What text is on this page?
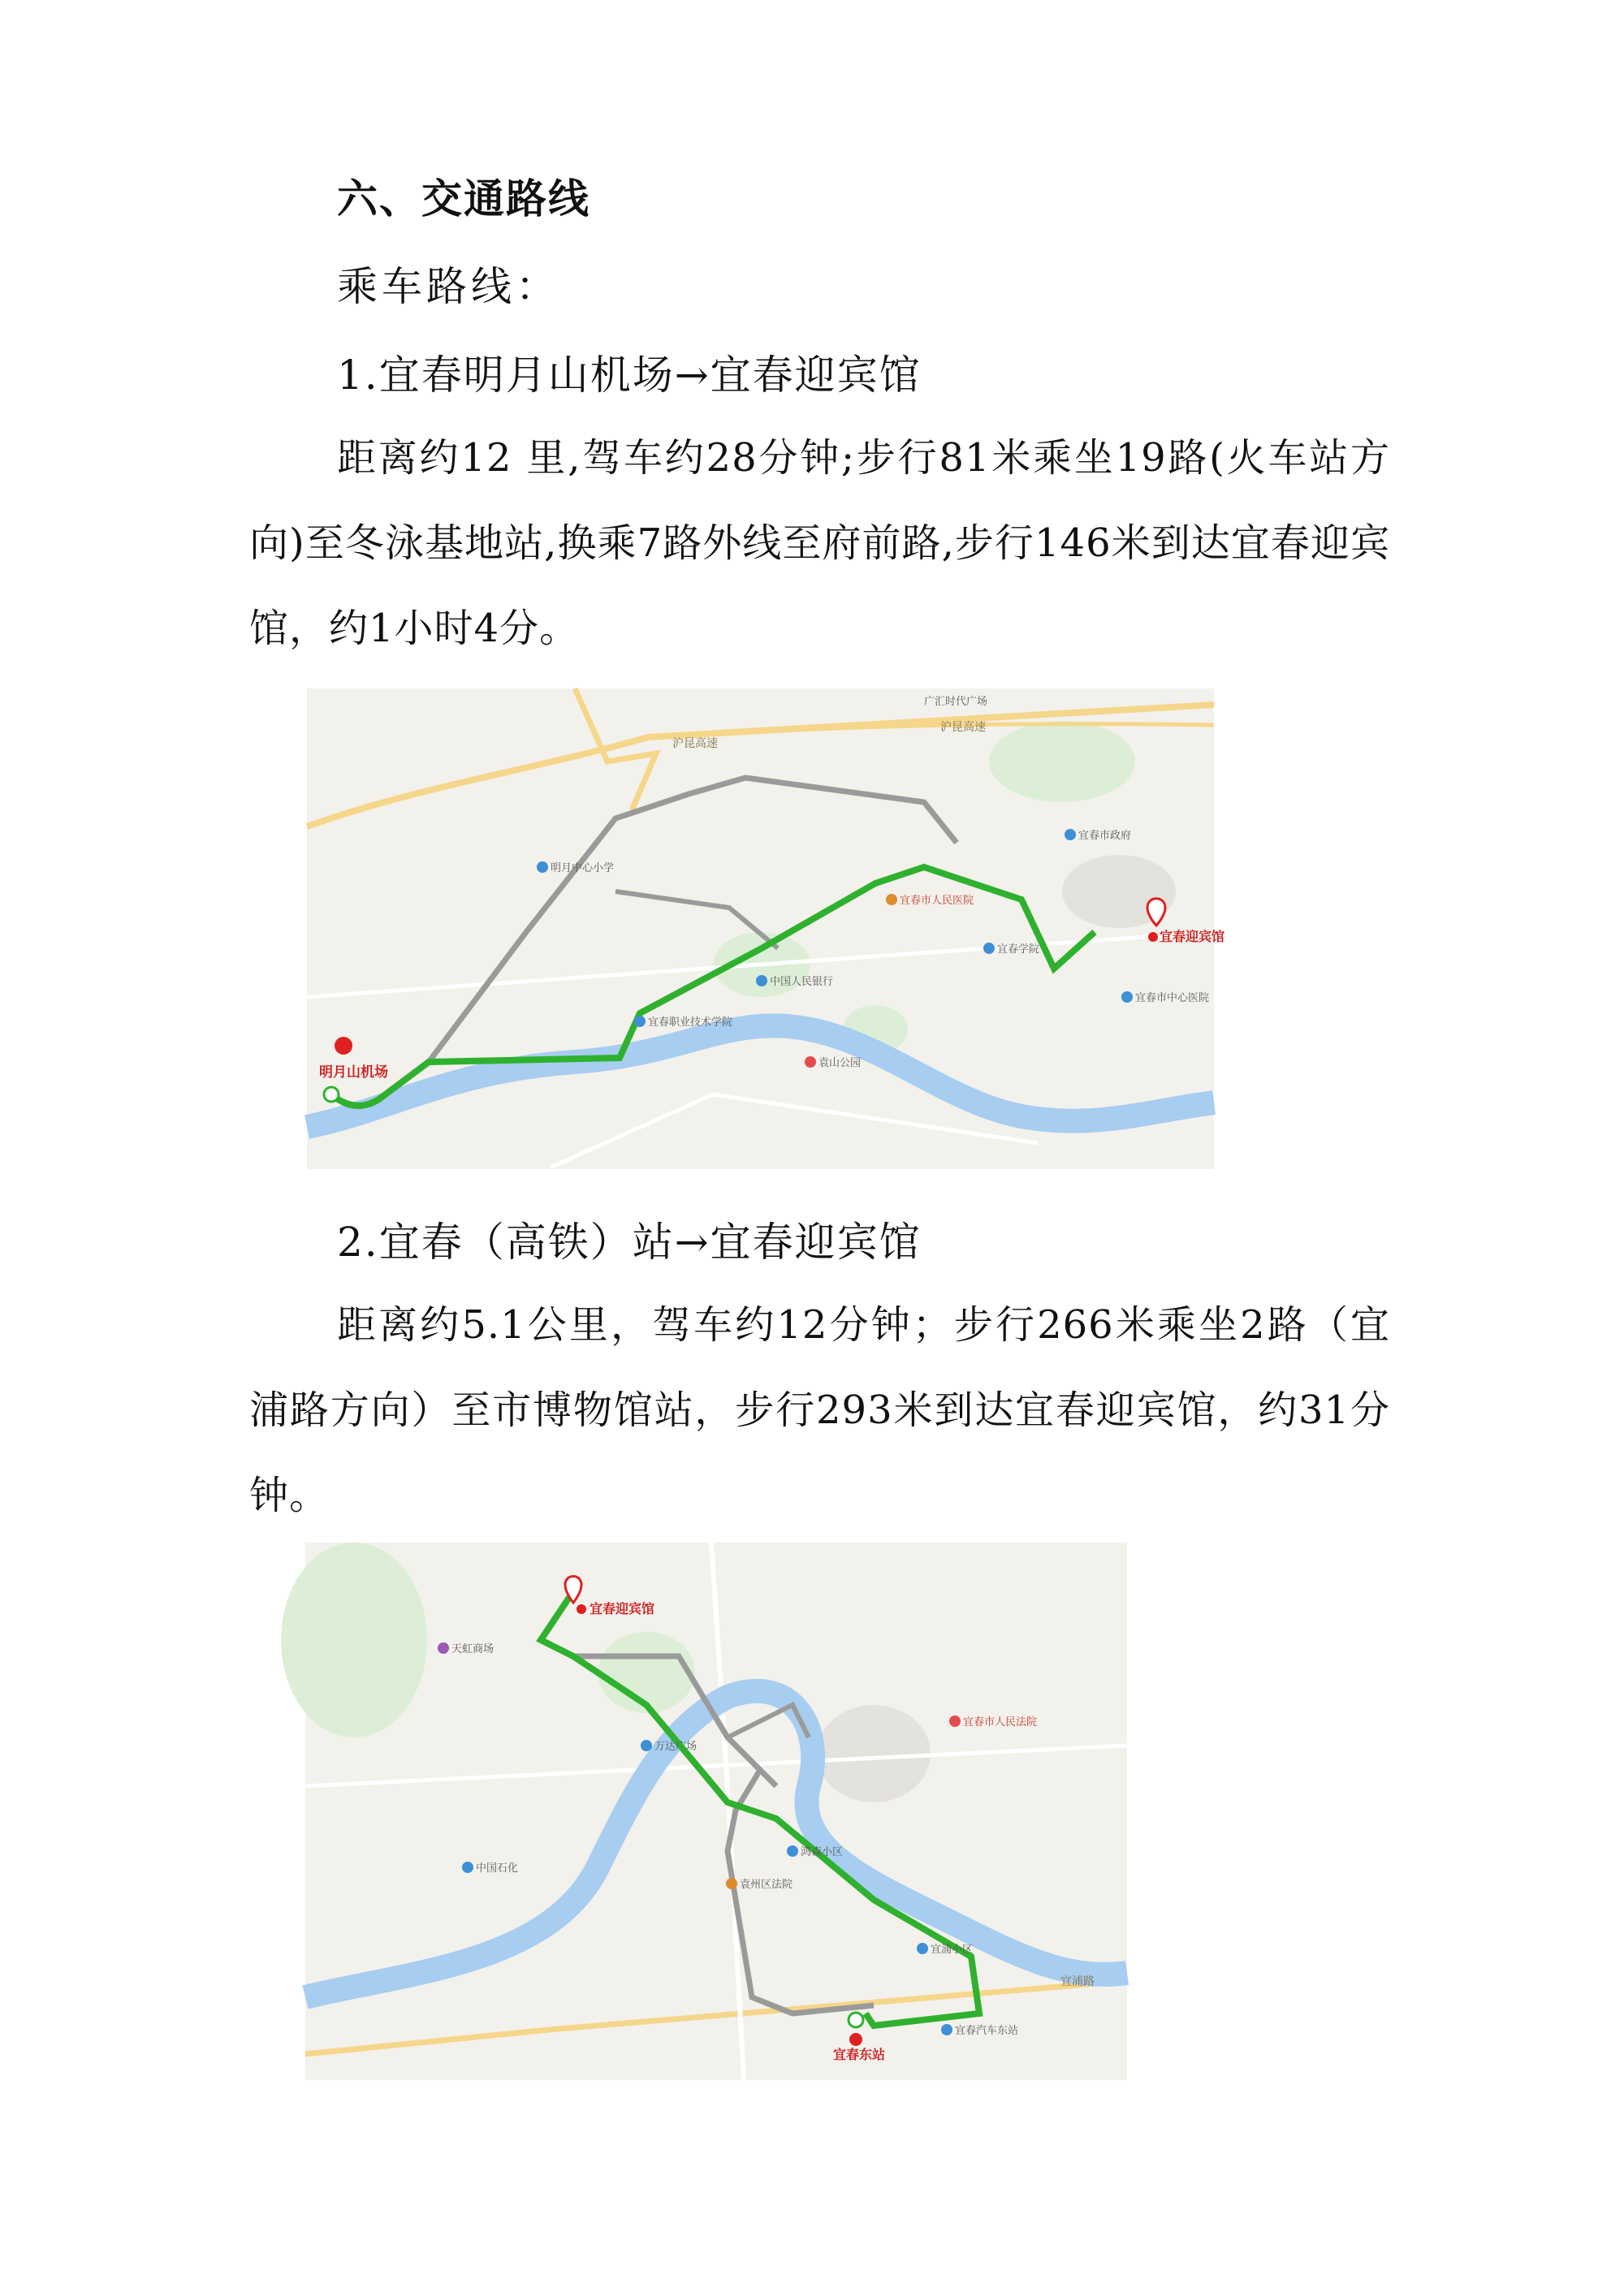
六、交通路线
乘车路线：
1.宜春明月山机场→宜春迎宾馆

距离约12 里,驾车约28分钟;步行81米乘坐19路(火车站方向)至冬泳基地站,换乘7路外线至府前路,步行146米到达宜春迎宾馆，约1小时4分。

宜春职业技术学院
中国人民银行
宜春市人民医院
袁山公园
宜春学院
宜春市中心医院
明月中心小学
宜春市政府
沪昆高速
沪昆高速
广汇时代广场
明月山机场
宜春迎宾馆
2.宜春（高铁）站→宜春迎宾馆

距离约5.1公里，驾车约12分钟；步行266米乘坐2路（宜浦路方向）至市博物馆站，步行293米到达宜春迎宾馆，约31分钟。

宜春市人民法院
袁州区法院
万达广场
宜春汽车东站
宜浦小区
天虹商场
中国石化
鸿森小区
宜浦路
宜春迎宾馆
宜春东站
